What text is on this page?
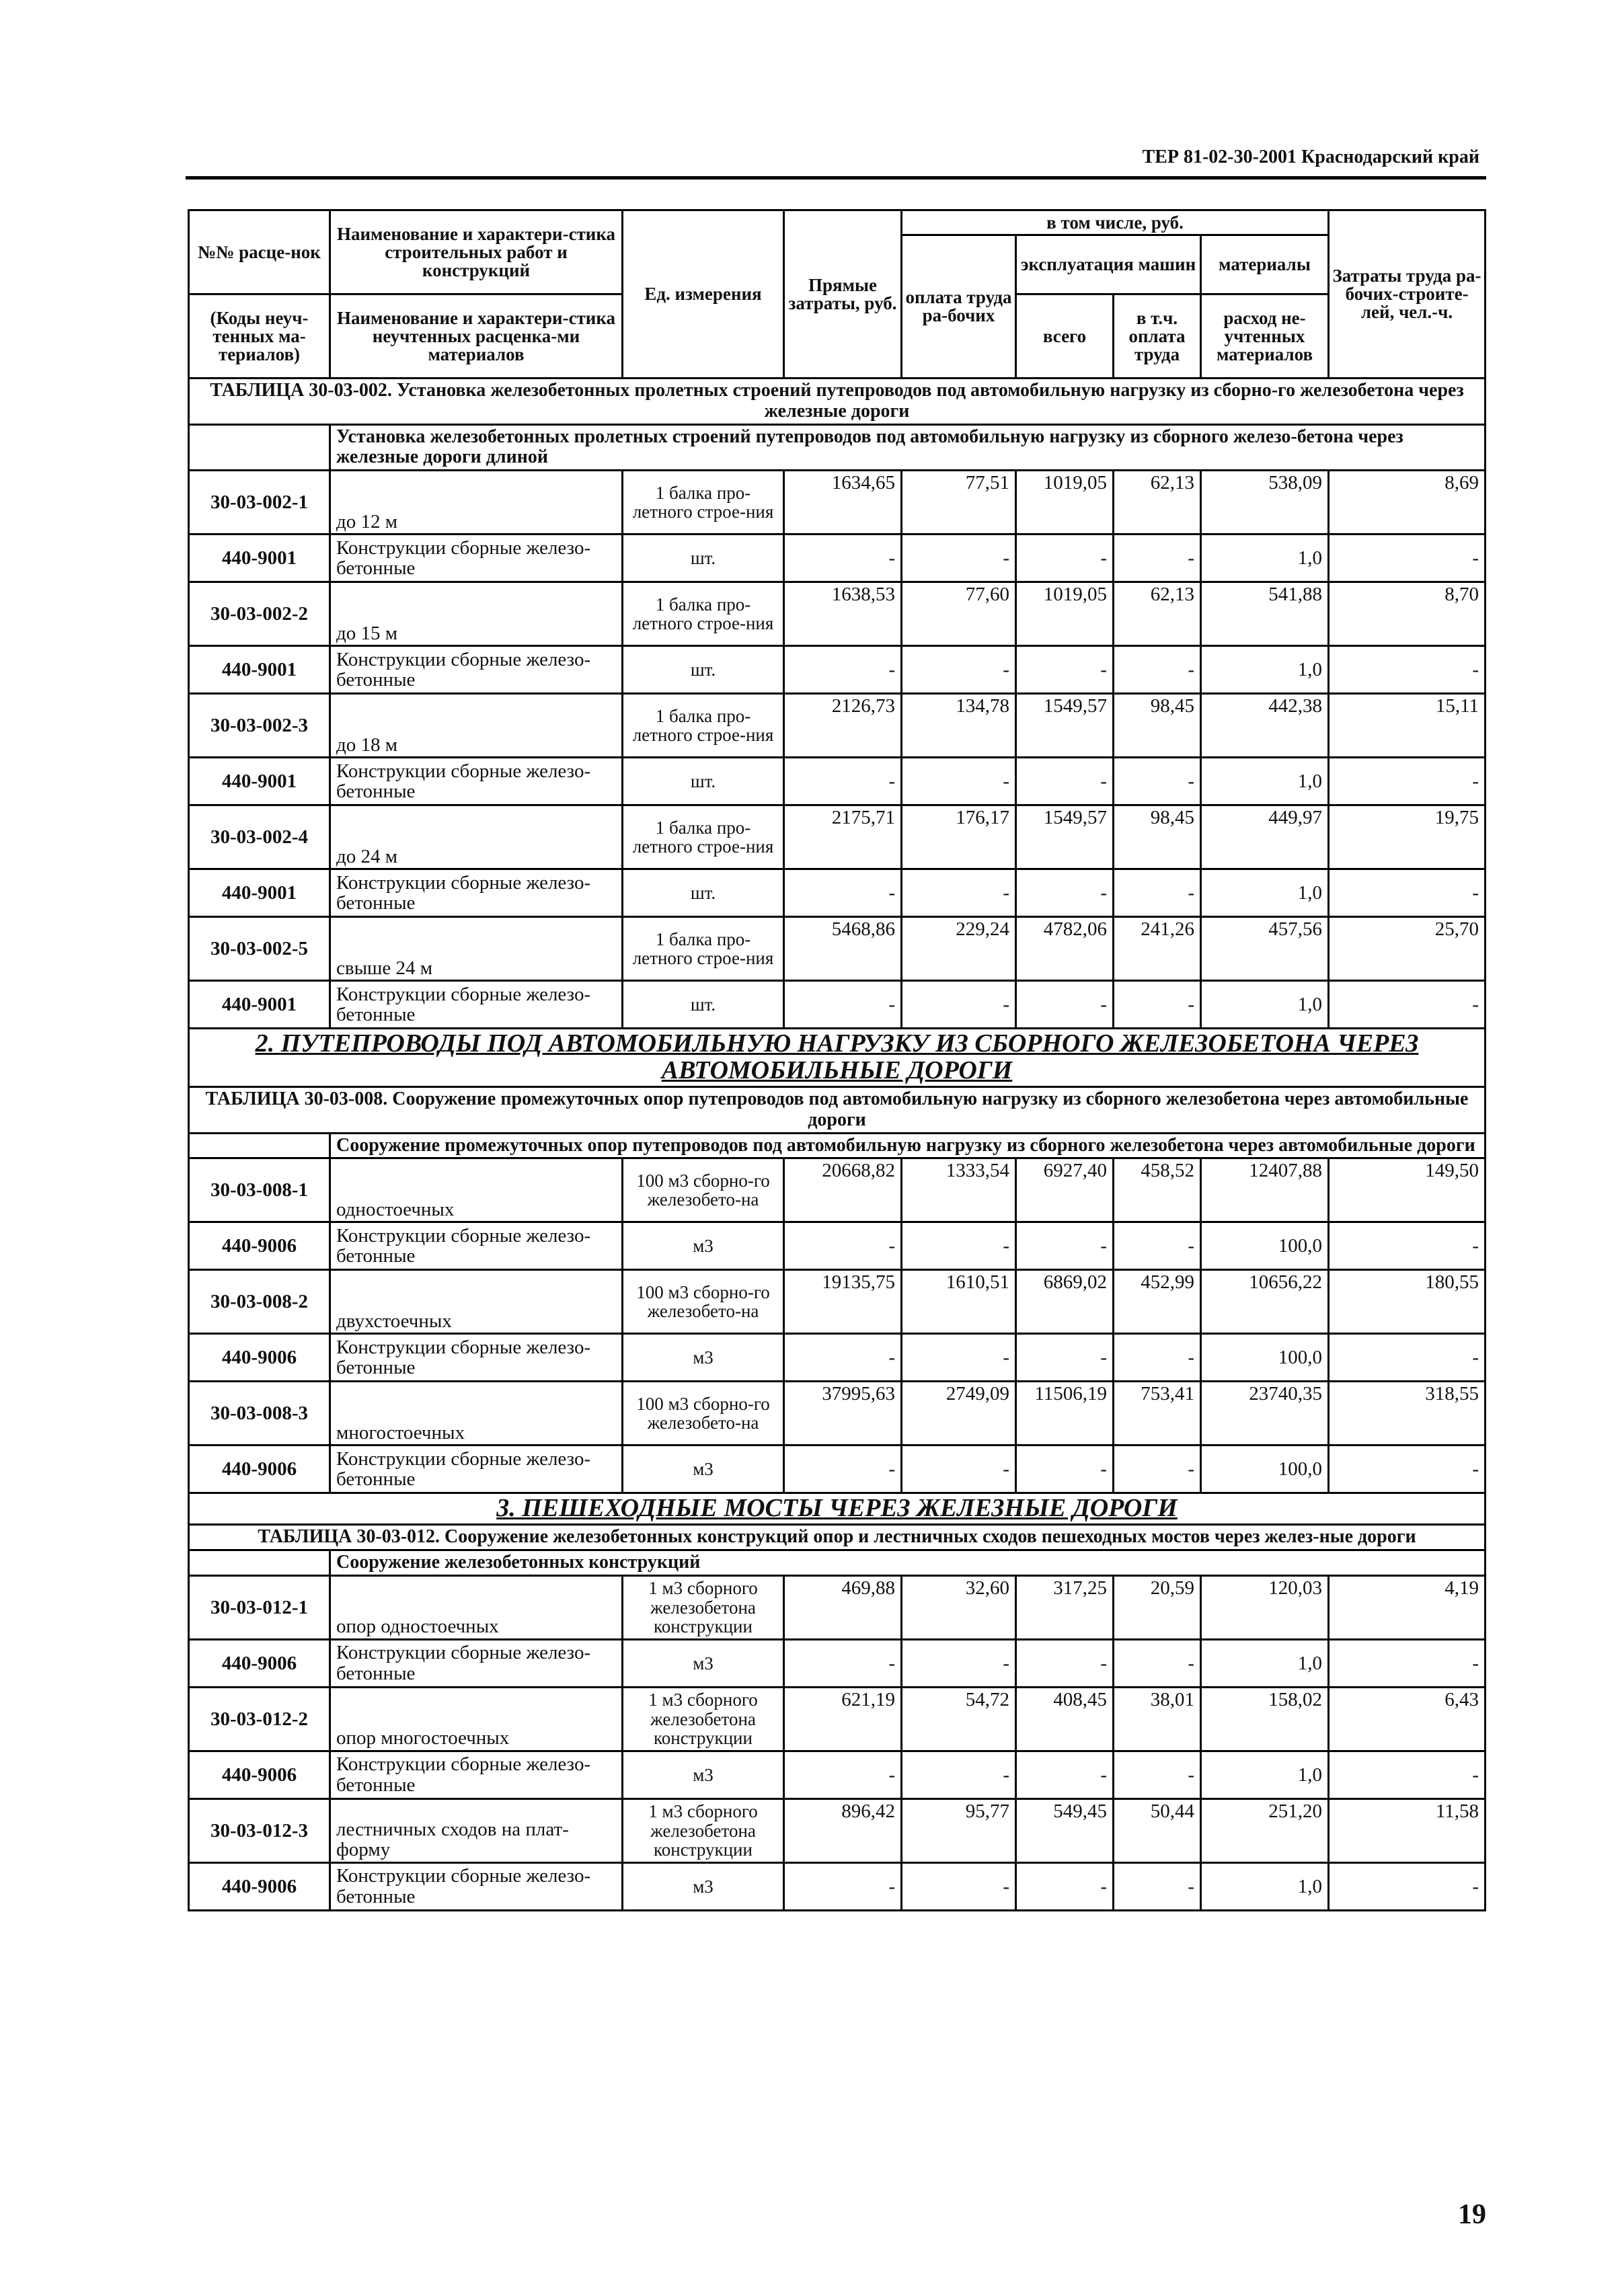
ТЕР 81-02-30-2001 Краснодарский край
№№ расце-нок	Наименование и характери-стика строительных работ и конструкций	Ед. измерения	Прямые затраты, руб.	в том числе, руб.				Затраты труда ра-бочих-строите-лей, чел.-ч.
				оплата труда ра-бочих	эксплуатация машин		материалы	
(Коды неуч-тенных ма-териалов)	Наименование и характери-стика неучтенных расценка-ми материалов				всего	в т.ч. оплата труда	расход не-учтенных материалов	

ТАБЛИЦА 30-03-002. Установка железобетонных пролетных строений путепроводов под автомобильную нагрузку из сборно-го железобетона через железные дороги								
	Установка железобетонных пролетных строений путепроводов под автомобильную нагрузку из сборного железо-бетона через железные дороги длиной							
30-03-002-1	до 12 м	1 балка про-летного строе-ния	1634,65	77,51	1019,05	62,13	538,09	8,69
440-9001	Конструкции сборные железо-бетонные	шт.	-	-	-	-	1,0	-
30-03-002-2	до 15 м	1 балка про-летного строе-ния	1638,53	77,60	1019,05	62,13	541,88	8,70
440-9001	Конструкции сборные железо-бетонные	шт.	-	-	-	-	1,0	-
30-03-002-3	до 18 м	1 балка про-летного строе-ния	2126,73	134,78	1549,57	98,45	442,38	15,11
440-9001	Конструкции сборные железо-бетонные	шт.	-	-	-	-	1,0	-
30-03-002-4	до 24 м	1 балка про-летного строе-ния	2175,71	176,17	1549,57	98,45	449,97	19,75
440-9001	Конструкции сборные железо-бетонные	шт.	-	-	-	-	1,0	-
30-03-002-5	свыше 24 м	1 балка про-летного строе-ния	5468,86	229,24	4782,06	241,26	457,56	25,70
440-9001	Конструкции сборные железо-бетонные	шт.	-	-	-	-	1,0	-
2. ПУТЕПРОВОДЫ ПОД АВТОМОБИЛЬНУЮ НАГРУЗКУ ИЗ СБОРНОГО ЖЕЛЕЗОБЕТОНА ЧЕРЕЗ АВТОМОБИЛЬНЫЕ ДОРОГИ								
ТАБЛИЦА 30-03-008. Сооружение промежуточных опор путепроводов под автомобильную нагрузку из сборного железобетона через автомобильные дороги								
	Сооружение промежуточных опор путепроводов под автомобильную нагрузку из сборного железобетона через автомобильные дороги							
30-03-008-1	одностоечных	100 м3 сборно-го железобето-на	20668,82	1333,54	6927,40	458,52	12407,88	149,50
440-9006	Конструкции сборные железо-бетонные	м3	-	-	-	-	100,0	-
30-03-008-2	двухстоечных	100 м3 сборно-го железобето-на	19135,75	1610,51	6869,02	452,99	10656,22	180,55
440-9006	Конструкции сборные железо-бетонные	м3	-	-	-	-	100,0	-
30-03-008-3	многостоечных	100 м3 сборно-го железобето-на	37995,63	2749,09	11506,19	753,41	23740,35	318,55
440-9006	Конструкции сборные железо-бетонные	м3	-	-	-	-	100,0	-
3. ПЕШЕХОДНЫЕ МОСТЫ ЧЕРЕЗ ЖЕЛЕЗНЫЕ ДОРОГИ								
ТАБЛИЦА 30-03-012. Сооружение железобетонных конструкций опор и лестничных сходов пешеходных мостов через желез-ные дороги								
	Сооружение железобетонных конструкций							
30-03-012-1	опор одностоечных	1 м3 сборного железобетона конструкции	469,88	32,60	317,25	20,59	120,03	4,19
440-9006	Конструкции сборные железо-бетонные	м3	-	-	-	-	1,0	-
30-03-012-2	опор многостоечных	1 м3 сборного железобетона конструкции	621,19	54,72	408,45	38,01	158,02	6,43
440-9006	Конструкции сборные железо-бетонные	м3	-	-	-	-	1,0	-
30-03-012-3	лестничных сходов на плат-форму	1 м3 сборного железобетона конструкции	896,42	95,77	549,45	50,44	251,20	11,58
440-9006	Конструкции сборные железо-бетонные	м3	-	-	-	-	1,0	-
19
